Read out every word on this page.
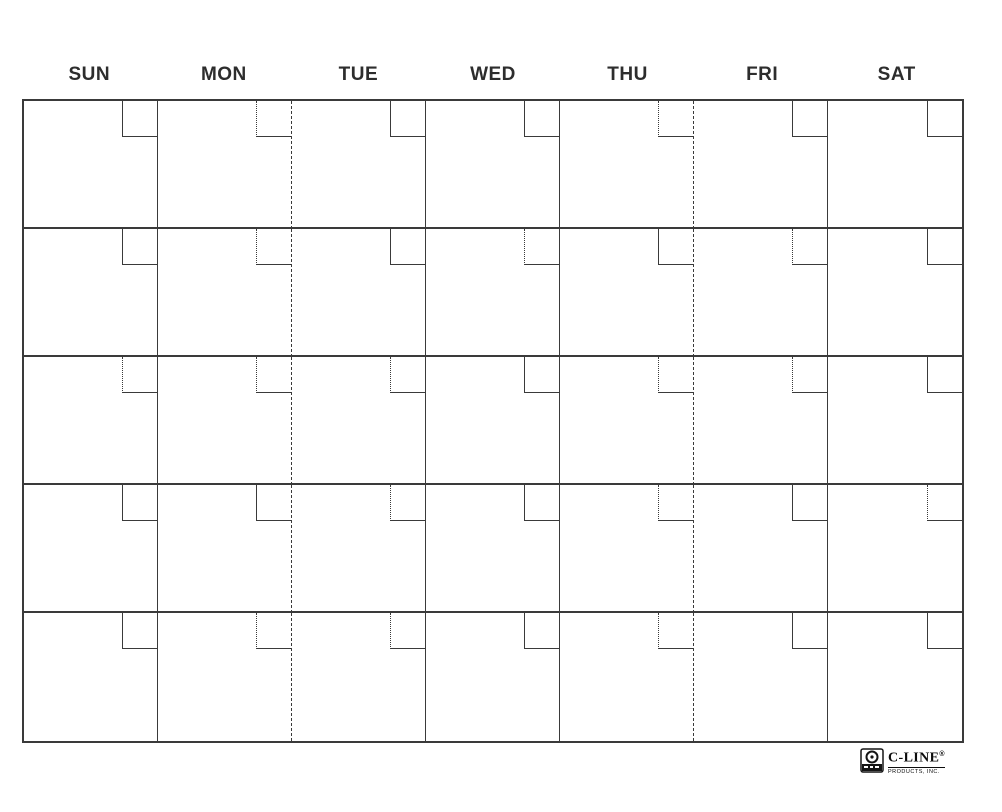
SUN	MON	TUE	WED	THU	FRI	SAT
C-LINE®
PRODUCTS, INC.
